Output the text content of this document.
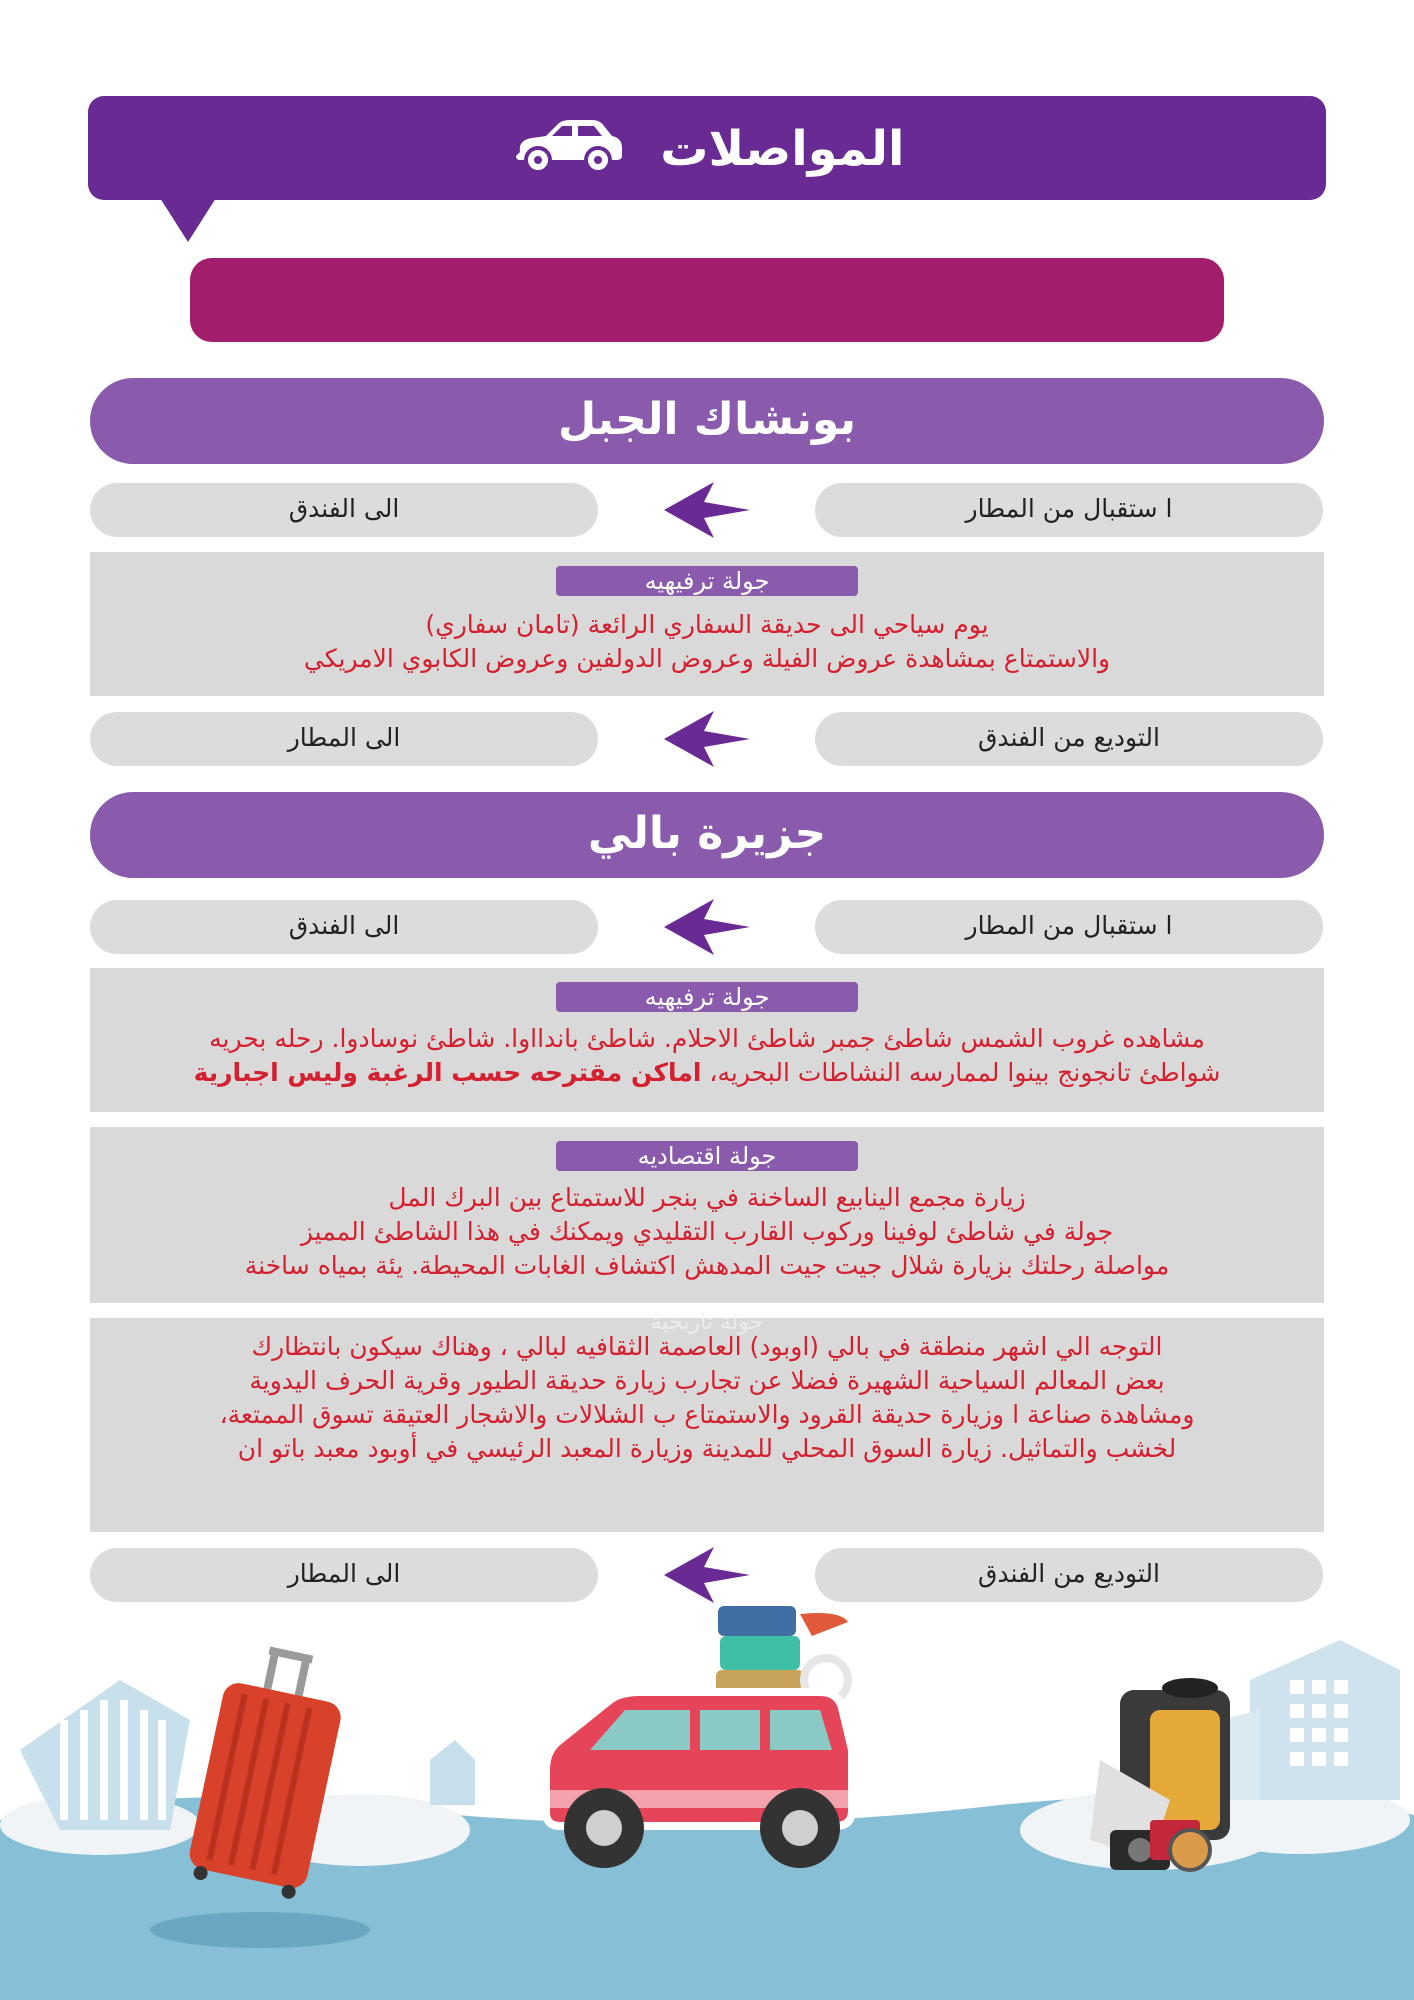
المواصلات
بونشاك الجبل
ا ستقبال من المطار
الى الفندق
جولة ترفيهيه
يوم سياحي الى حديقة السفاري الرائعة (تامان سفاري)
والاستمتاع بمشاهدة عروض الفيلة وعروض الدولفين وعروض الكابوي الامريكي
التوديع من الفندق
الى المطار
جزيرة بالي
ا ستقبال من المطار
الى الفندق
جولة ترفيهيه
مشاهده غروب الشمس شاطئ جمبر شاطئ الاحلام. شاطئ باندااوا. شاطئ نوسادوا. رحله بحريه
شواطئ تانجونج بينوا لممارسه النشاطات البحريه، اماكن مقترحه حسب الرغبة وليس اجبارية
جولة اقتصاديه
زيارة مجمع الينابيع الساخنة في بنجر للاستمتاع بين البرك المل
جولة في شاطئ لوفينا وركوب القارب التقليدي ويمكنك في هذا الشاطئ المميز
مواصلة رحلتك بزيارة شلال جيت جيت المدهش اكتشاف الغابات المحيطة. يئة بمياه ساخنة
جولة تاريخية
التوجه الي اشهر منطقة في بالي (اوبود) العاصمة الثقافيه لبالي ، وهناك سيكون بانتظارك
بعض المعالم السياحية الشهيرة فضلا عن تجارب زيارة حديقة الطيور وقرية الحرف اليدوية
ومشاهدة صناعة ا وزيارة حديقة القرود والاستمتاع ب الشلالات والاشجار العتيقة تسوق الممتعة،
لخشب والتماثيل. زيارة السوق المحلي للمدينة وزيارة المعبد الرئيسي في أوبود معبد باتو ان
التوديع من الفندق
الى المطار
